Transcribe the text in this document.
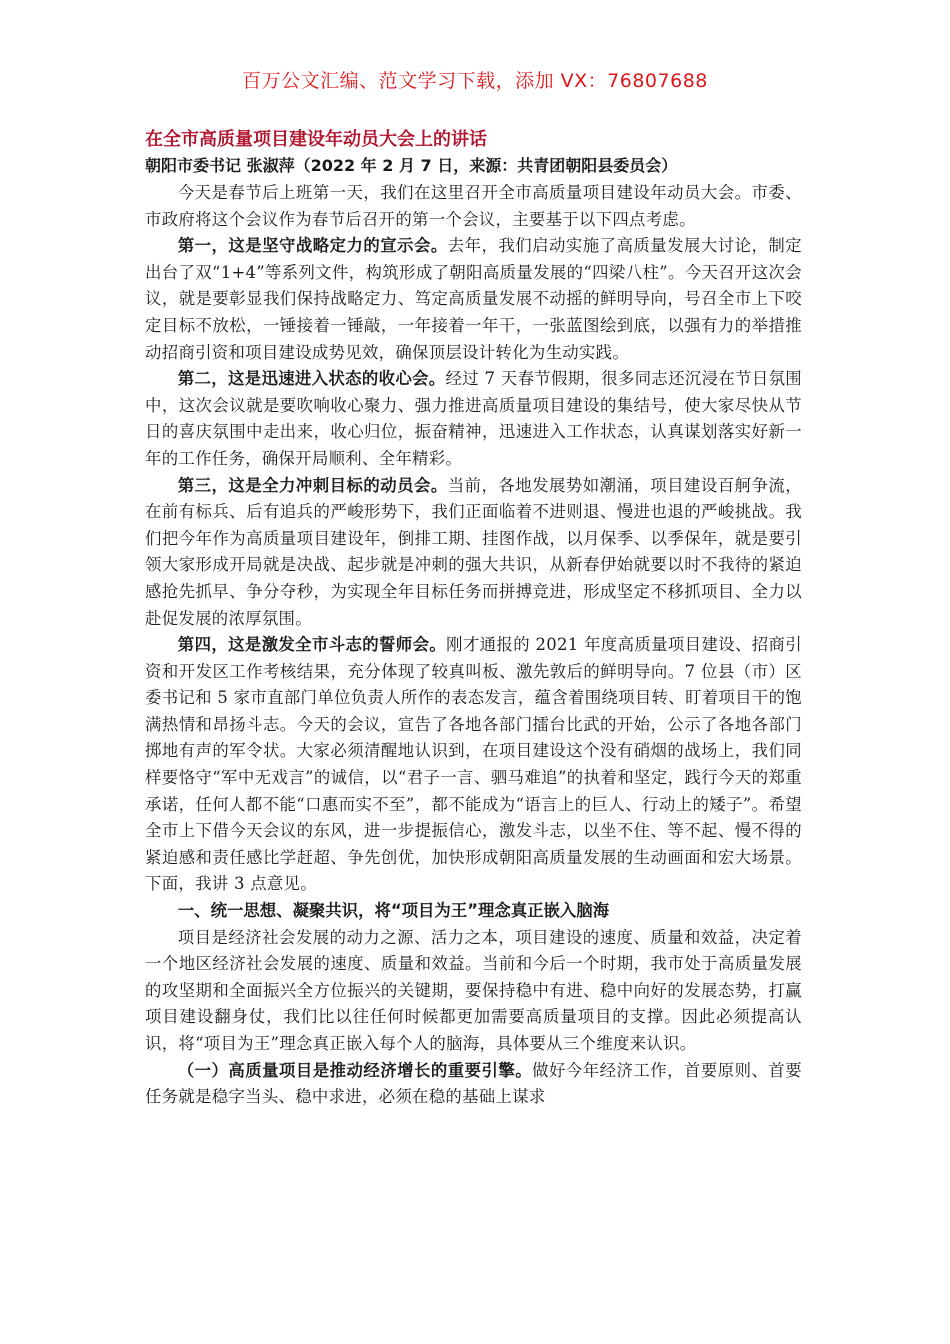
百万公文汇编、范文学习下载，添加 VX：76807688
在全市高质量项目建设年动员大会上的讲话

朝阳市委书记 张淑萍（2022 年 2 月 7 日，来源：共青团朝阳县委员会）

今天是春节后上班第一天，我们在这里召开全市高质量项目建设年动员大会。市委、市政府将这个会议作为春节后召开的第一个会议，主要基于以下四点考虑。

第一，这是坚守战略定力的宣示会。去年，我们启动实施了高质量发展大讨论，制定出台了双“1+4”等系列文件，构筑形成了朝阳高质量发展的“四梁八柱”。今天召开这次会议，就是要彰显我们保持战略定力、笃定高质量发展不动摇的鲜明导向，号召全市上下咬定目标不放松，一锤接着一锤敲，一年接着一年干，一张蓝图绘到底，以强有力的举措推动招商引资和项目建设成势见效，确保顶层设计转化为生动实践。

第二，这是迅速进入状态的收心会。经过 7 天春节假期，很多同志还沉浸在节日氛围中，这次会议就是要吹响收心聚力、强力推进高质量项目建设的集结号，使大家尽快从节日的喜庆氛围中走出来，收心归位，振奋精神，迅速进入工作状态，认真谋划落实好新一年的工作任务，确保开局顺利、全年精彩。

第三，这是全力冲刺目标的动员会。当前，各地发展势如潮涌，项目建设百舸争流，在前有标兵、后有追兵的严峻形势下，我们正面临着不进则退、慢进也退的严峻挑战。我们把今年作为高质量项目建设年，倒排工期、挂图作战，以月保季、以季保年，就是要引领大家形成开局就是决战、起步就是冲刺的强大共识，从新春伊始就要以时不我待的紧迫感抢先抓早、争分夺秒，为实现全年目标任务而拼搏竞进，形成坚定不移抓项目、全力以赴促发展的浓厚氛围。

第四，这是激发全市斗志的誓师会。刚才通报的 2021 年度高质量项目建设、招商引资和开发区工作考核结果，充分体现了较真叫板、激先敦后的鲜明导向。7 位县（市）区委书记和 5 家市直部门单位负责人所作的表态发言，蕴含着围绕项目转、盯着项目干的饱满热情和昂扬斗志。今天的会议，宣告了各地各部门擂台比武的开始，公示了各地各部门掷地有声的军令状。大家必须清醒地认识到，在项目建设这个没有硝烟的战场上，我们同样要恪守“军中无戏言”的诚信，以“君子一言、驷马难追”的执着和坚定，践行今天的郑重承诺，任何人都不能“口惠而实不至”，都不能成为“语言上的巨人、行动上的矮子”。希望全市上下借今天会议的东风，进一步提振信心，激发斗志，以坐不住、等不起、慢不得的紧迫感和责任感比学赶超、争先创优，加快形成朝阳高质量发展的生动画面和宏大场景。下面，我讲 3 点意见。

一、统一思想、凝聚共识，将“项目为王”理念真正嵌入脑海

项目是经济社会发展的动力之源、活力之本，项目建设的速度、质量和效益，决定着一个地区经济社会发展的速度、质量和效益。当前和今后一个时期，我市处于高质量发展的攻坚期和全面振兴全方位振兴的关键期，要保持稳中有进、稳中向好的发展态势，打赢项目建设翻身仗，我们比以往任何时候都更加需要高质量项目的支撑。因此必须提高认识，将“项目为王”理念真正嵌入每个人的脑海，具体要从三个维度来认识。

（一）高质量项目是推动经济增长的重要引擎。做好今年经济工作，首要原则、首要任务就是稳字当头、稳中求进，必须在稳的基础上谋求
